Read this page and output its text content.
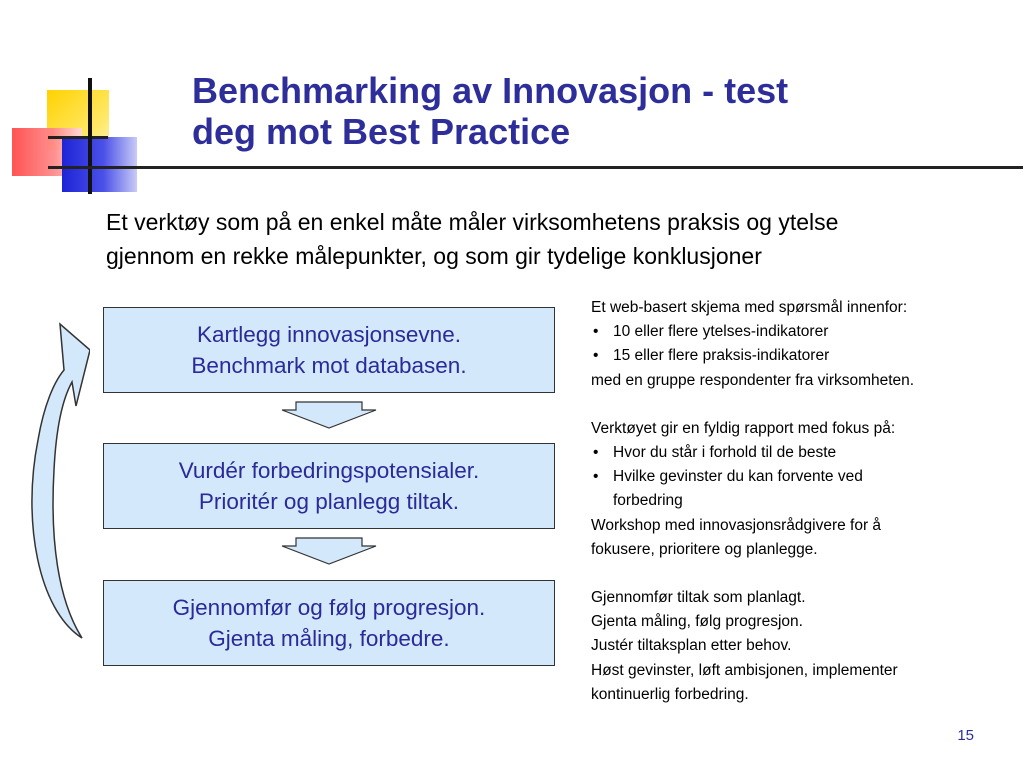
Benchmarking av Innovasjon - test
deg mot Best Practice
Et verktøy som på en enkel måte måler virksomhetens praksis og ytelse
gjennom en rekke målepunkter, og som gir tydelige konklusjoner
Kartlegg innovasjonsevne.
Benchmark mot databasen.
Vurdér forbedringspotensialer.
Prioritér og planlegg tiltak.
Gjennomfør og følg progresjon.
Gjenta måling, forbedre.
Et web-basert skjema med spørsmål innenfor:
• 10 eller flere ytelses-indikatorer
• 15 eller flere praksis-indikatorer
med en gruppe respondenter fra virksomheten.
Verktøyet gir en fyldig rapport med fokus på:
• Hvor du står i forhold til de beste
• Hvilke gevinster du kan forvente ved
forbedring
Workshop med innovasjonsrådgivere for å
fokusere, prioritere og planlegge.
Gjennomfør tiltak som planlagt.
Gjenta måling, følg progresjon.
Justér tiltaksplan etter behov.
Høst gevinster, løft ambisjonen, implementer
kontinuerlig forbedring.
15
